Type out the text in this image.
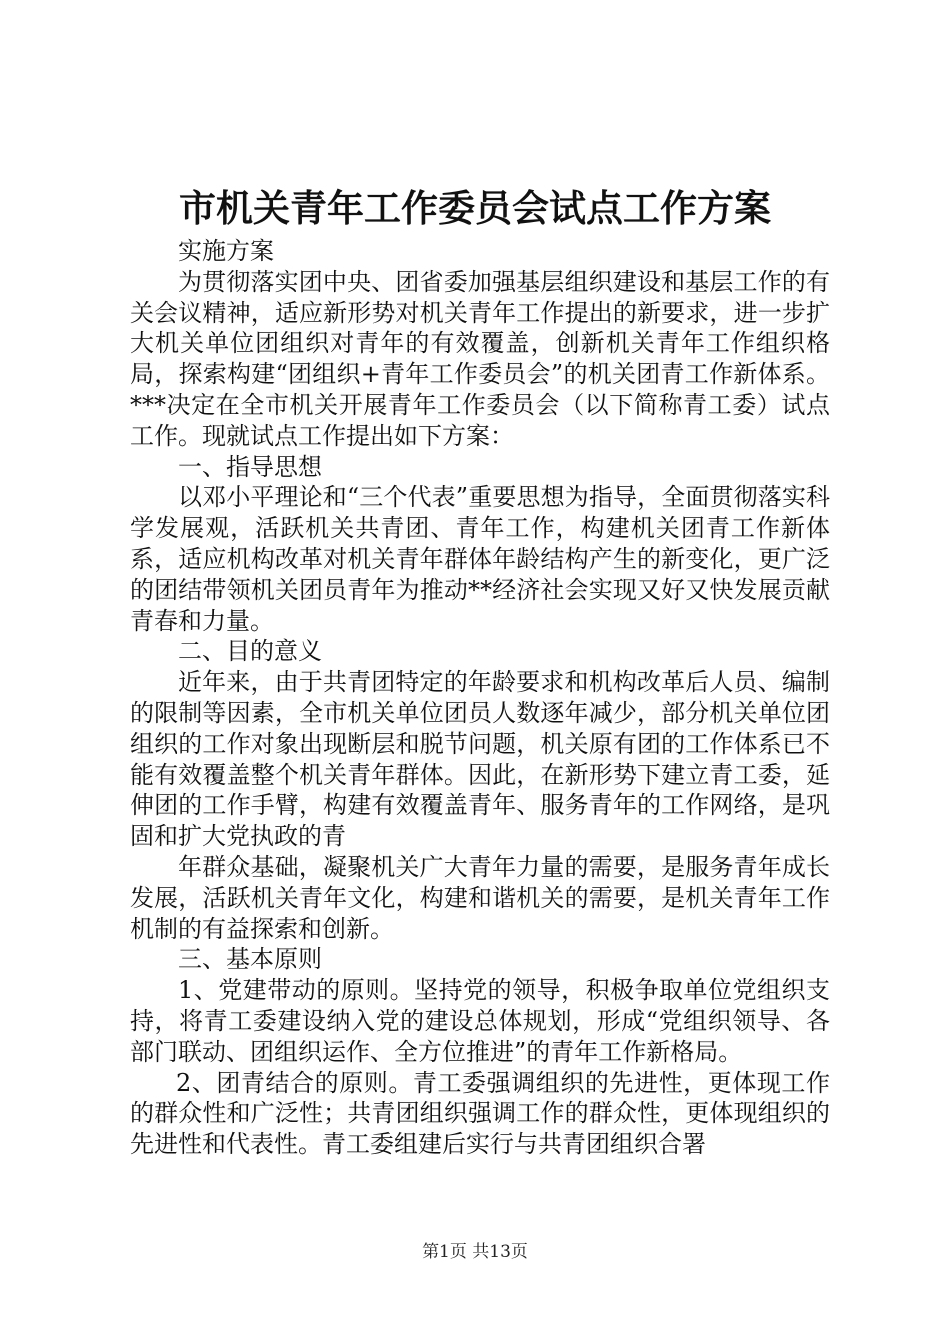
市机关青年工作委员会试点工作方案

实施方案

为贯彻落实团中央、团省委加强基层组织建设和基层工作的有关会议精神，适应新形势对机关青年工作提出的新要求，进一步扩大机关单位团组织对青年的有效覆盖，创新机关青年工作组织格局，探索构建“团组织+青年工作委员会”的机关团青工作新体系。***决定在全市机关开展青年工作委员会（以下简称青工委）试点工作。现就试点工作提出如下方案：

一、指导思想

以邓小平理论和“三个代表”重要思想为指导，全面贯彻落实科学发展观，活跃机关共青团、青年工作，构建机关团青工作新体系，适应机构改革对机关青年群体年龄结构产生的新变化，更广泛的团结带领机关团员青年为推动**经济社会实现又好又快发展贡献青春和力量。

二、目的意义

近年来，由于共青团特定的年龄要求和机构改革后人员、编制的限制等因素，全市机关单位团员人数逐年减少，部分机关单位团组织的工作对象出现断层和脱节问题，机关原有团的工作体系已不能有效覆盖整个机关青年群体。因此，在新形势下建立青工委，延伸团的工作手臂，构建有效覆盖青年、服务青年的工作网络，是巩固和扩大党执政的青

年群众基础，凝聚机关广大青年力量的需要，是服务青年成长发展，活跃机关青年文化，构建和谐机关的需要，是机关青年工作机制的有益探索和创新。

三、基本原则

1、党建带动的原则。坚持党的领导，积极争取单位党组织支持，将青工委建设纳入党的建设总体规划，形成“党组织领导、各部门联动、团组织运作、全方位推进”的青年工作新格局。

2、团青结合的原则。青工委强调组织的先进性，更体现工作的群众性和广泛性；共青团组织强调工作的群众性，更体现组织的先进性和代表性。青工委组建后实行与共青团组织合署

第1页 共13页
